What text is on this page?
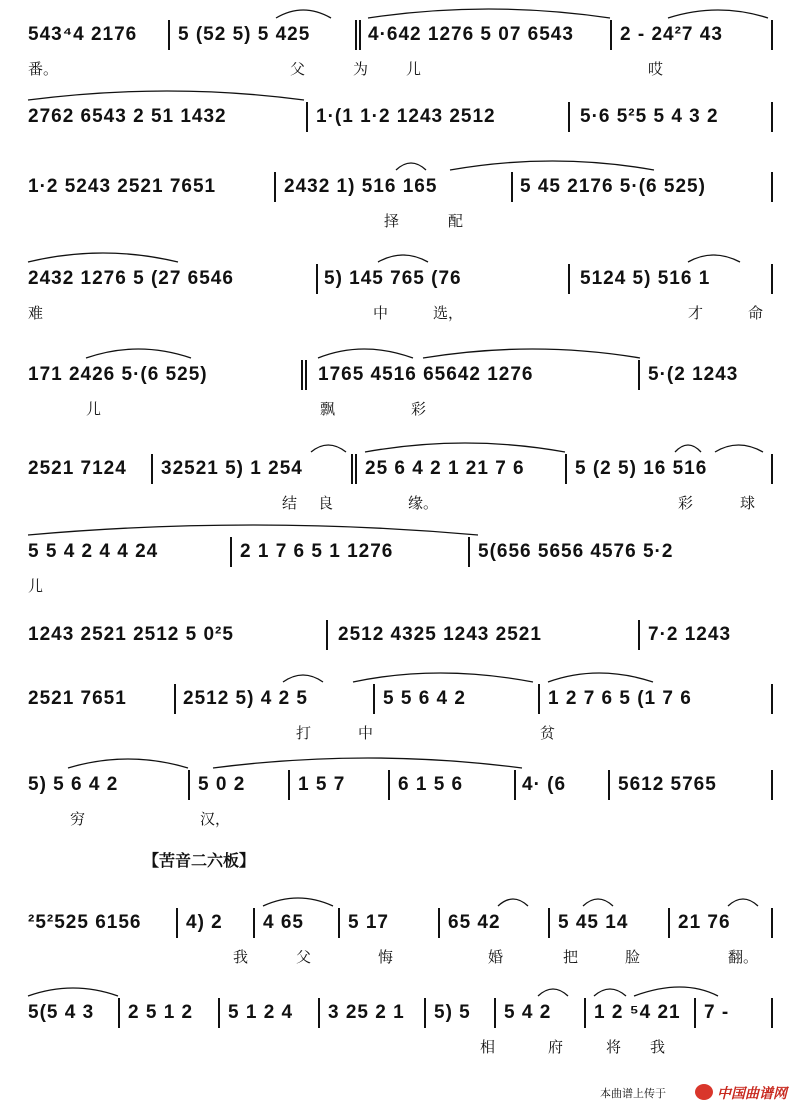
543⁴4 2176 5 (52 5) 5 425	4·642 1276 5 07 6543 2 - 24²7 43
番。	父	为	儿	哎
2762 6543 2 51 1432	1·(1 1·2 1243 2512	5·6 5²5 5 4 3 2
1·2 5243 2521 7651	2432 1) 516 165	5 45 2176 5·(6 525)
择	配
2432 1276 5 (27 6546	5) 145 765 (76	5124 5) 516 1
难	中	选，	才	命
171 2426 5·(6 525)	1765 4516 65642 1276	5·(2 1243
儿	飘	彩
2521 7124 32521 5) 1 254	25 6 4 2 1 21 7 6	5 (2 5) 16 516
结 良	缘。	彩	球
5 5 4 2 4 4 24	2 1 7 6 5 1 1276	5(656 5656 4576 5·2
儿
1243 2521 2512 5 0²5	2512 4325 1243 2521	7·2 1243
2521 7651	2512 5) 4 2 5	5 5 6 4 2	1 2 7 6 5 (1 7 6
打	中	贫
5) 5 6 4 2	5 0 2	1 5 7	6 1 5 6	4· (6	5612 5765
穷	汉，
【苦音二六板】
²5²525 6156 4) 2 4 65 5 17	65 42	5 45 14	21 76
我	父	悔	婚	把	脸	翻。
5(5 4 3 2 5 1 2 5 1 2 4 3 25 2 1 5) 5 5 4 2 1 2 ⁵4 21 7 -
相	府	将 我
本曲谱上传于	中国曲谱网
